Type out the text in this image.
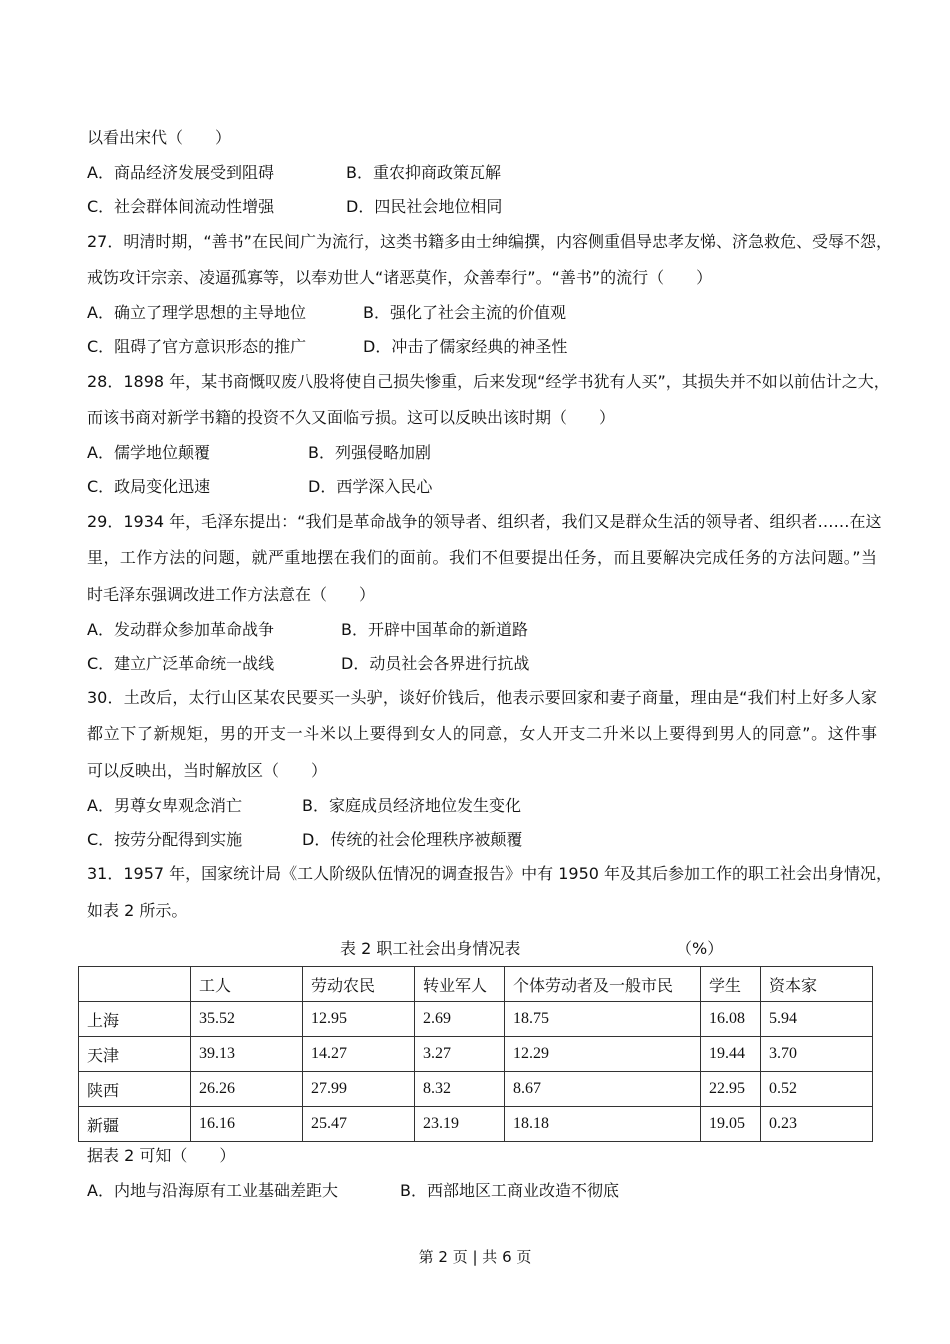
以看出宋代（　　）
A．商品经济发展受到阻碍	B．重农抑商政策瓦解
C．社会群体间流动性增强	D．四民社会地位相同
27．明清时期，“善书”在民间广为流行，这类书籍多由士绅编撰，内容侧重倡导忠孝友悌、济急救危、受辱不怨，
戒饬攻讦宗亲、凌逼孤寡等，以奉劝世人“诸恶莫作，众善奉行”。“善书”的流行（　　）
A．确立了理学思想的主导地位	B．强化了社会主流的价值观
C．阻碍了官方意识形态的推广	D．冲击了儒家经典的神圣性
28．1898 年，某书商慨叹废八股将使自己损失惨重，后来发现“经学书犹有人买”，其损失并不如以前估计之大，
而该书商对新学书籍的投资不久又面临亏损。这可以反映出该时期（　　）
A．儒学地位颠覆	B．列强侵略加剧
C．政局变化迅速	D．西学深入民心
29．1934 年，毛泽东提出：“我们是革命战争的领导者、组织者，我们又是群众生活的领导者、组织者……在这
里，工作方法的问题，就严重地摆在我们的面前。我们不但要提出任务，而且要解决完成任务的方法问题。”当
时毛泽东强调改进工作方法意在（　　）
A．发动群众参加革命战争	B．开辟中国革命的新道路
C．建立广泛革命统一战线	D．动员社会各界进行抗战
30．土改后，太行山区某农民要买一头驴，谈好价钱后，他表示要回家和妻子商量，理由是“我们村上好多人家
都立下了新规矩，男的开支一斗米以上要得到女人的同意，女人开支二升米以上要得到男人的同意”。这件事
可以反映出，当时解放区（　　）
A．男尊女卑观念消亡	B．家庭成员经济地位发生变化
C．按劳分配得到实施	D．传统的社会伦理秩序被颠覆
31．1957 年，国家统计局《工人阶级队伍情况的调查报告》中有 1950 年及其后参加工作的职工社会出身情况，
如表 2 所示。
表 2 职工社会出身情况表	（%）
	工人	劳动农民	转业军人	个体劳动者及一般市民	学生	资本家
上海	35.52	12.95	2.69	18.75	16.08	5.94
天津	39.13	14.27	3.27	12.29	19.44	3.70
陕西	26.26	27.99	8.32	8.67	22.95	0.52
新疆	16.16	25.47	23.19	18.18	19.05	0.23
据表 2 可知（　　）
A．内地与沿海原有工业基础差距大	B．西部地区工商业改造不彻底
第 2 页 | 共 6 页
